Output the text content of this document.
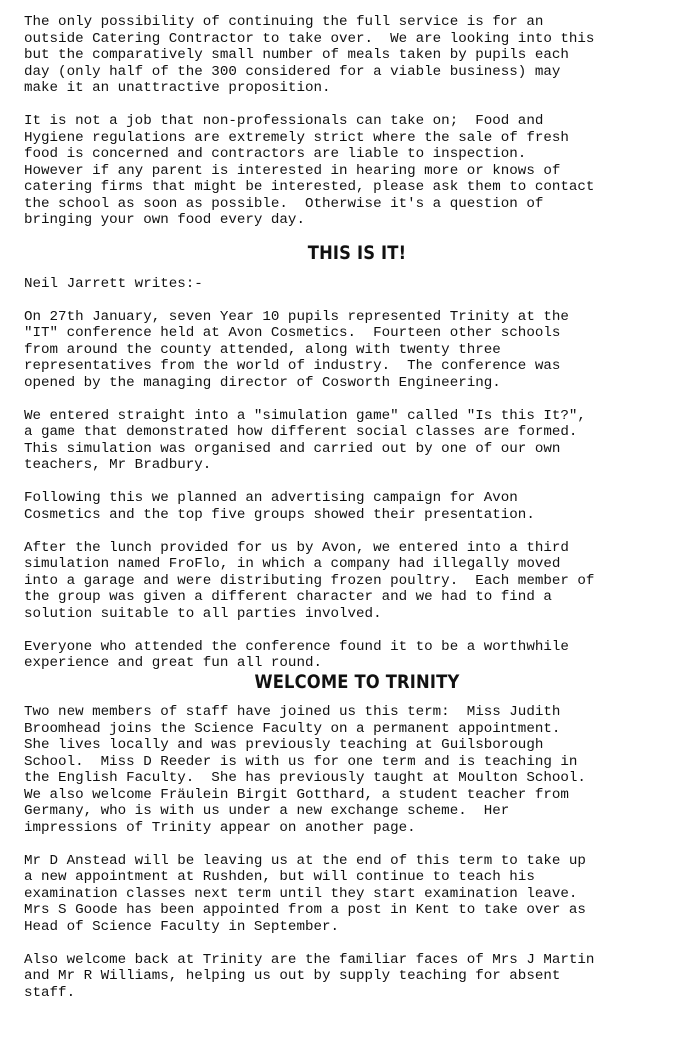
The only possibility of continuing the full service is for an
outside Catering Contractor to take over.  We are looking into this
but the comparatively small number of meals taken by pupils each
day (only half of the 300 considered for a viable business) may
make it an unattractive proposition.
It is not a job that non-professionals can take on;  Food and
Hygiene regulations are extremely strict where the sale of fresh
food is concerned and contractors are liable to inspection.
However if any parent is interested in hearing more or knows of
catering firms that might be interested, please ask them to contact
the school as soon as possible.  Otherwise it's a question of
bringing your own food every day.
THIS IS IT!
Neil Jarrett writes:-
On 27th January, seven Year 10 pupils represented Trinity at the
"IT" conference held at Avon Cosmetics.  Fourteen other schools
from around the county attended, along with twenty three
representatives from the world of industry.  The conference was
opened by the managing director of Cosworth Engineering.
We entered straight into a "simulation game" called "Is this It?",
a game that demonstrated how different social classes are formed.
This simulation was organised and carried out by one of our own
teachers, Mr Bradbury.
Following this we planned an advertising campaign for Avon
Cosmetics and the top five groups showed their presentation.
After the lunch provided for us by Avon, we entered into a third
simulation named FroFlo, in which a company had illegally moved
into a garage and were distributing frozen poultry.  Each member of
the group was given a different character and we had to find a
solution suitable to all parties involved.
Everyone who attended the conference found it to be a worthwhile
experience and great fun all round.
WELCOME TO TRINITY
Two new members of staff have joined us this term:  Miss Judith
Broomhead joins the Science Faculty on a permanent appointment.
She lives locally and was previously teaching at Guilsborough
School.  Miss D Reeder is with us for one term and is teaching in
the English Faculty.  She has previously taught at Moulton School.
We also welcome Fräulein Birgit Gotthard, a student teacher from
Germany, who is with us under a new exchange scheme.  Her
impressions of Trinity appear on another page.
Mr D Anstead will be leaving us at the end of this term to take up
a new appointment at Rushden, but will continue to teach his
examination classes next term until they start examination leave.
Mrs S Goode has been appointed from a post in Kent to take over as
Head of Science Faculty in September.
Also welcome back at Trinity are the familiar faces of Mrs J Martin
and Mr R Williams, helping us out by supply teaching for absent
staff.
